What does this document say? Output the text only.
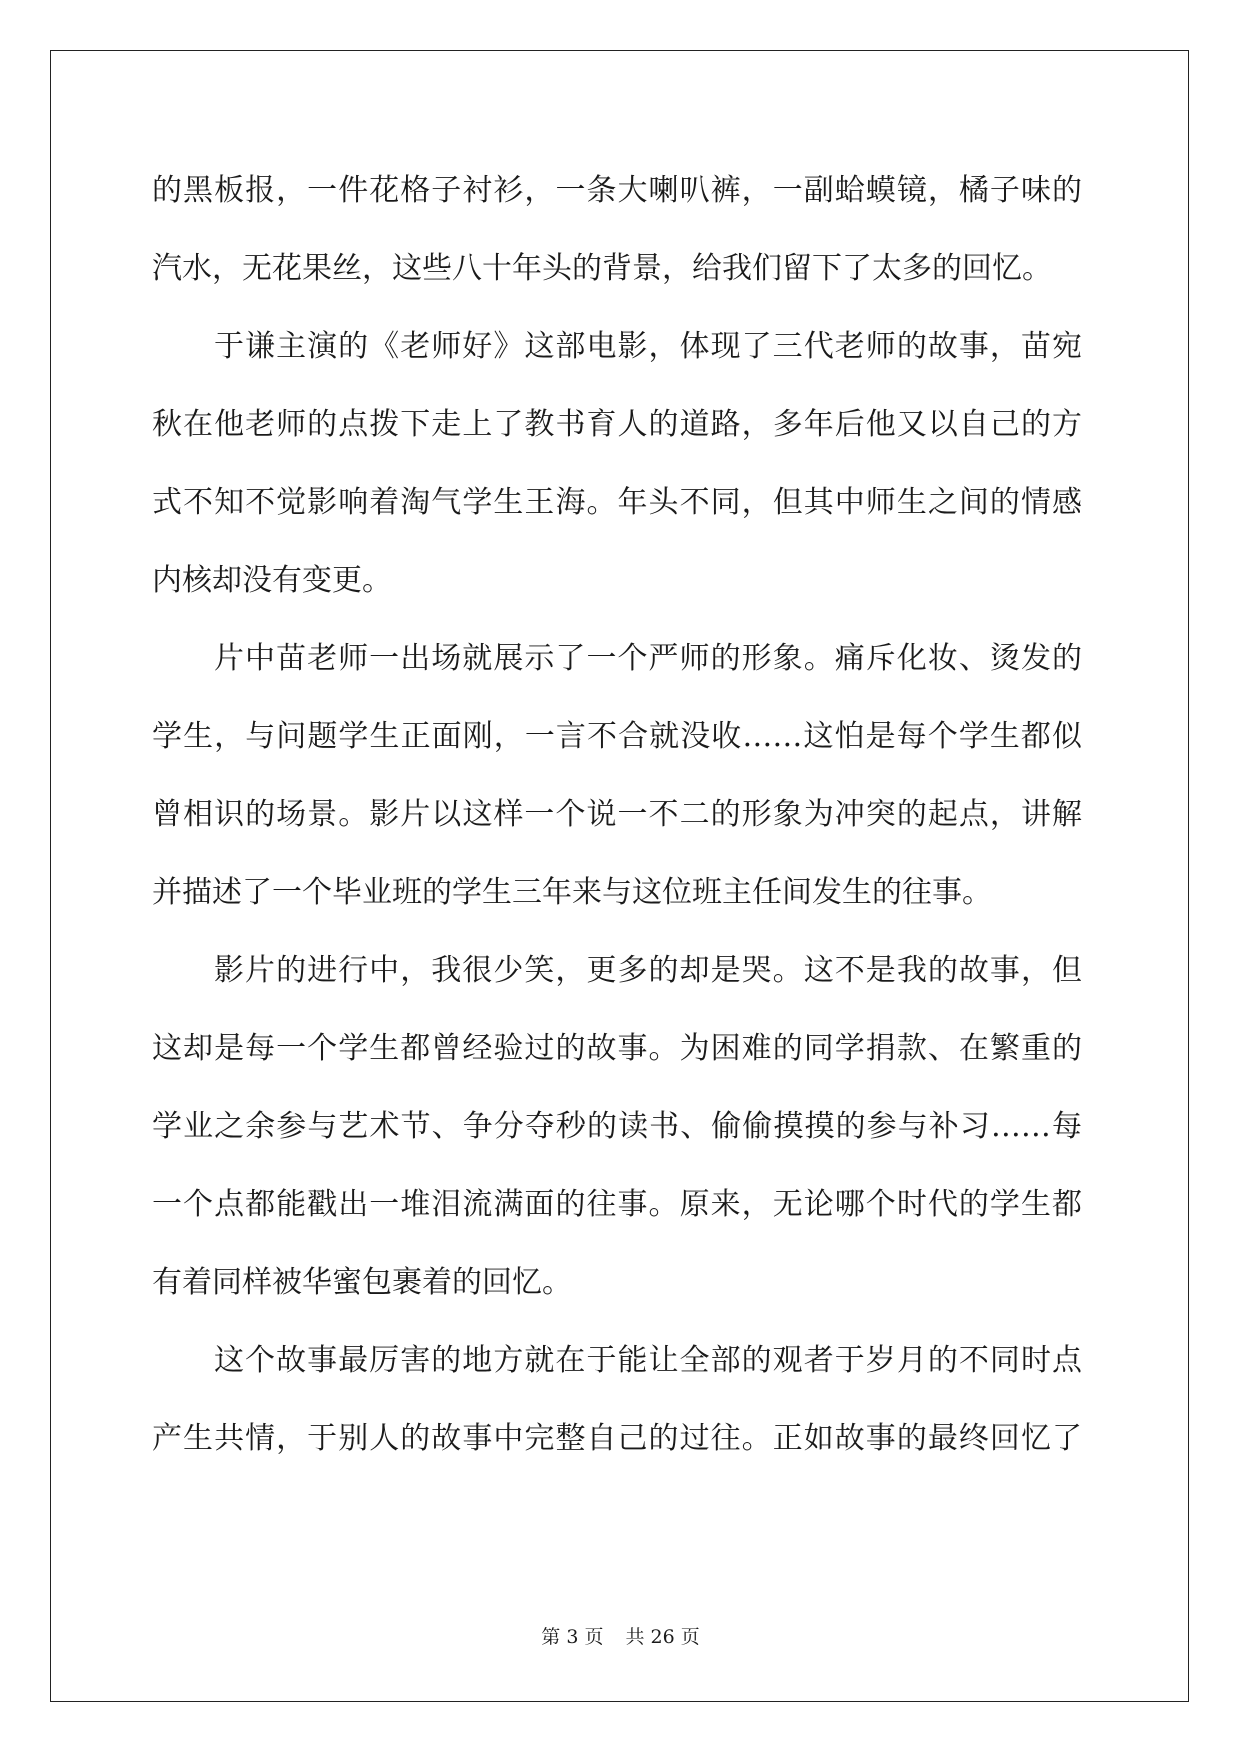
的黑板报，一件花格子衬衫，一条大喇叭裤，一副蛤蟆镜，橘子味的
汽水，无花果丝，这些八十年头的背景，给我们留下了太多的回忆。
于谦主演的《老师好》这部电影，体现了三代老师的故事，苗宛
秋在他老师的点拨下走上了教书育人的道路，多年后他又以自己的方
式不知不觉影响着淘气学生王海。年头不同，但其中师生之间的情感
内核却没有变更。
片中苗老师一出场就展示了一个严师的形象。痛斥化妆、烫发的
学生，与问题学生正面刚，一言不合就没收……这怕是每个学生都似
曾相识的场景。影片以这样一个说一不二的形象为冲突的起点，讲解
并描述了一个毕业班的学生三年来与这位班主任间发生的往事。
影片的进行中，我很少笑，更多的却是哭。这不是我的故事，但
这却是每一个学生都曾经验过的故事。为困难的同学捐款、在繁重的
学业之余参与艺术节、争分夺秒的读书、偷偷摸摸的参与补习……每
一个点都能戳出一堆泪流满面的往事。原来，无论哪个时代的学生都
有着同样被华蜜包裹着的回忆。
这个故事最厉害的地方就在于能让全部的观者于岁月的不同时点
产生共情，于别人的故事中完整自己的过往。正如故事的最终回忆了
第 3 页 共 26 页
